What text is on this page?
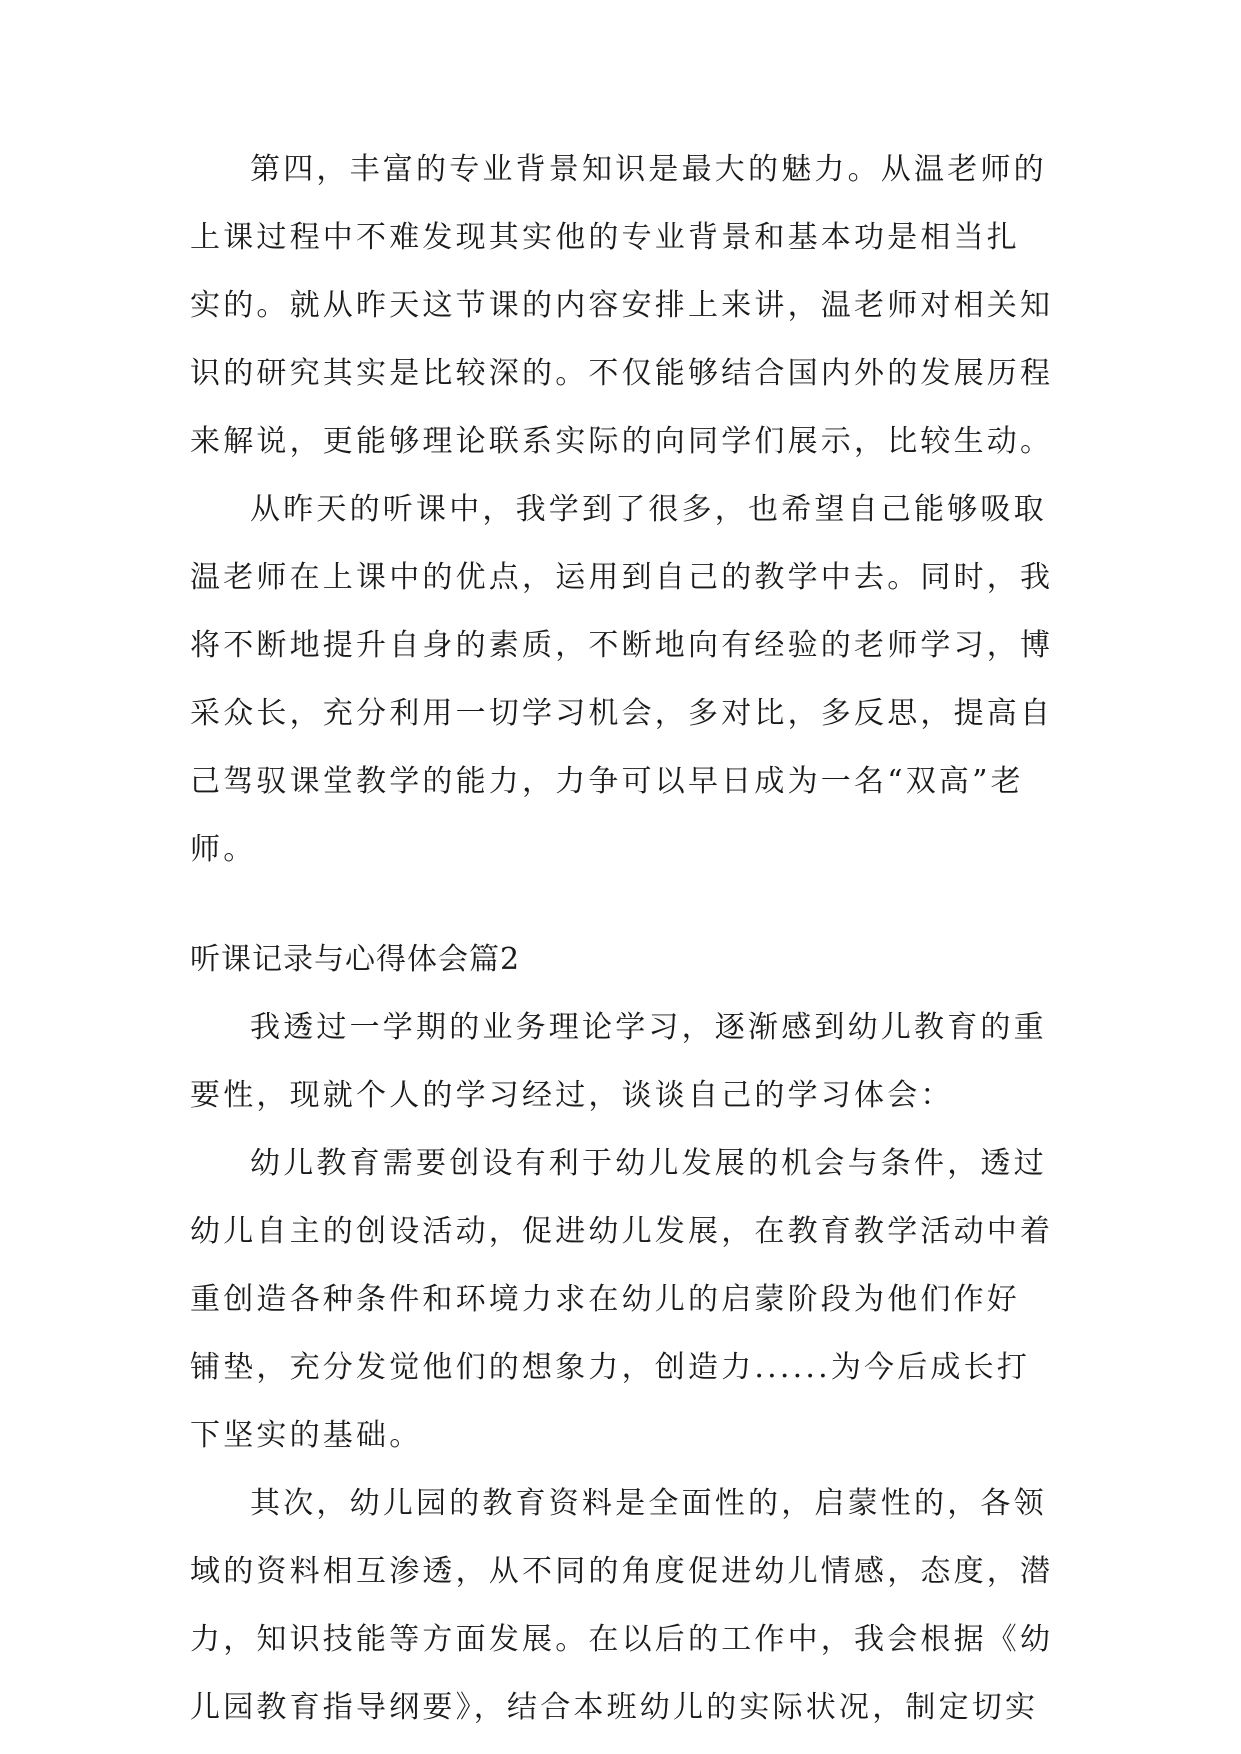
第四，丰富的专业背景知识是最大的魅力。从温老师的
上课过程中不难发现其实他的专业背景和基本功是相当扎
实的。就从昨天这节课的内容安排上来讲，温老师对相关知
识的研究其实是比较深的。不仅能够结合国内外的发展历程
来解说，更能够理论联系实际的向同学们展示，比较生动。
从昨天的听课中，我学到了很多，也希望自己能够吸取
温老师在上课中的优点，运用到自己的教学中去。同时，我
将不断地提升自身的素质，不断地向有经验的老师学习，博
采众长，充分利用一切学习机会，多对比，多反思，提高自
己驾驭课堂教学的能力，力争可以早日成为一名“双高”老
师。
听课记录与心得体会篇2
我透过一学期的业务理论学习，逐渐感到幼儿教育的重
要性，现就个人的学习经过，谈谈自己的学习体会：
幼儿教育需要创设有利于幼儿发展的机会与条件，透过
幼儿自主的创设活动，促进幼儿发展，在教育教学活动中着
重创造各种条件和环境力求在幼儿的启蒙阶段为他们作好
铺垫，充分发觉他们的想象力，创造力......为今后成长打
下坚实的基础。
其次，幼儿园的教育资料是全面性的，启蒙性的，各领
域的资料相互渗透，从不同的角度促进幼儿情感，态度，潜
力，知识技能等方面发展。在以后的工作中，我会根据《幼
儿园教育指导纲要》，结合本班幼儿的实际状况，制定切实
